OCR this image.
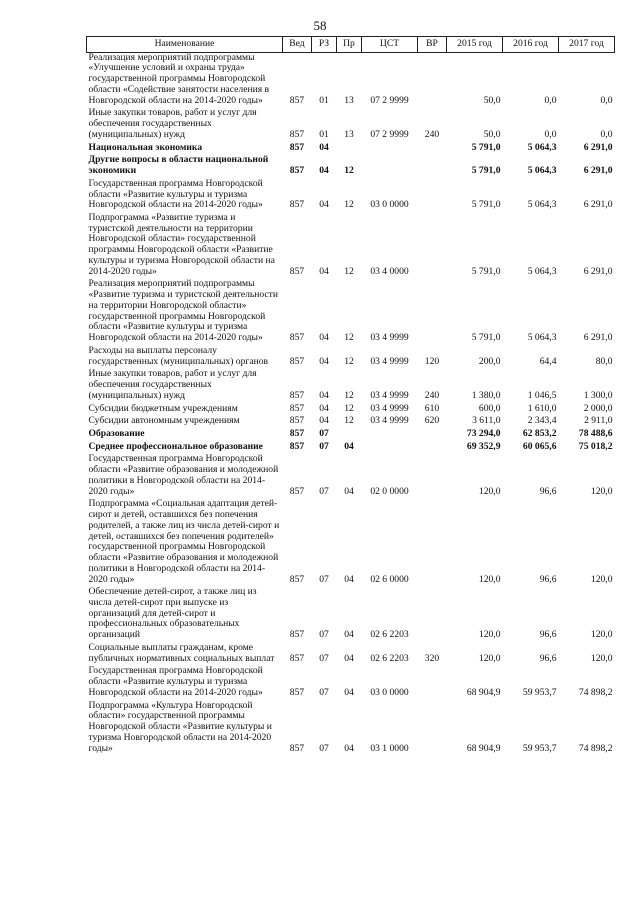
58
Наименование	Вед	РЗ	Пр	ЦСТ	ВР	2015 год	2016 год	2017 год
Реализация мероприятий подпрограммы «Улучшение условий и охраны труда» государственной программы Новгородской области «Содействие занятости населения в Новгородской области на 2014-2020 годы»	857	01	13	07 2 9999		50,0	0,0	0,0
Иные закупки товаров, работ и услуг для обеспечения государственных (муниципальных) нужд	857	01	13	07 2 9999	240	50,0	0,0	0,0
Национальная экономика	857	04				5 791,0	5 064,3	6 291,0
Другие вопросы в области национальной экономики	857	04	12			5 791,0	5 064,3	6 291,0
Государственная программа Новгородской области «Развитие культуры и туризма Новгородской области на 2014-2020 годы»	857	04	12	03 0 0000		5 791,0	5 064,3	6 291,0
Подпрограмма «Развитие туризма и туристской деятельности на территории Новгородской области» государственной программы Новгородской области «Развитие культуры и туризма Новгородской области на 2014-2020 годы»	857	04	12	03 4 0000		5 791,0	5 064,3	6 291,0
Реализация мероприятий подпрограммы «Развитие туризма и туристской деятельности на территории Новгородской области» государственной программы Новгородской области «Развитие культуры и туризма Новгородской области на 2014-2020 годы»	857	04	12	03 4 9999		5 791,0	5 064,3	6 291,0
Расходы на выплаты персоналу государственных (муниципальных) органов	857	04	12	03 4 9999	120	200,0	64,4	80,0
Иные закупки товаров, работ и услуг для обеспечения государственных (муниципальных) нужд	857	04	12	03 4 9999	240	1 380,0	1 046,5	1 300,0
Субсидии бюджетным учреждениям	857	04	12	03 4 9999	610	600,0	1 610,0	2 000,0
Субсидии автономным учреждениям	857	04	12	03 4 9999	620	3 611,0	2 343,4	2 911,0
Образование	857	07				73 294,0	62 853,2	78 488,6
Среднее профессиональное образование	857	07	04			69 352,9	60 065,6	75 018,2
Государственная программа Новгородской области «Развитие образования и молодежной политики в Новгородской области на 2014-2020 годы»	857	07	04	02 0 0000		120,0	96,6	120,0
Подпрограмма «Социальная адаптация детей-сирот и детей, оставшихся без попечения родителей, а также лиц из числа детей-сирот и детей, оставшихся без попечения родителей» государственной программы Новгородской области «Развитие образования и молодежной политики в Новгородской области на 2014-2020 годы»	857	07	04	02 6 0000		120,0	96,6	120,0
Обеспечение детей-сирот, а также лиц из числа детей-сирот при выпуске из организаций для детей-сирот и профессиональных образовательных организаций	857	07	04	02 6 2203		120,0	96,6	120,0
Социальные выплаты гражданам, кроме публичных нормативных социальных выплат	857	07	04	02 6 2203	320	120,0	96,6	120,0
Государственная программа Новгородской области «Развитие культуры и туризма Новгородской области на 2014-2020 годы»	857	07	04	03 0 0000		68 904,9	59 953,7	74 898,2
Подпрограмма «Культура Новгородской области» государственной программы Новгородской области «Развитие культуры и туризма Новгородской области на 2014-2020 годы»	857	07	04	03 1 0000		68 904,9	59 953,7	74 898,2
